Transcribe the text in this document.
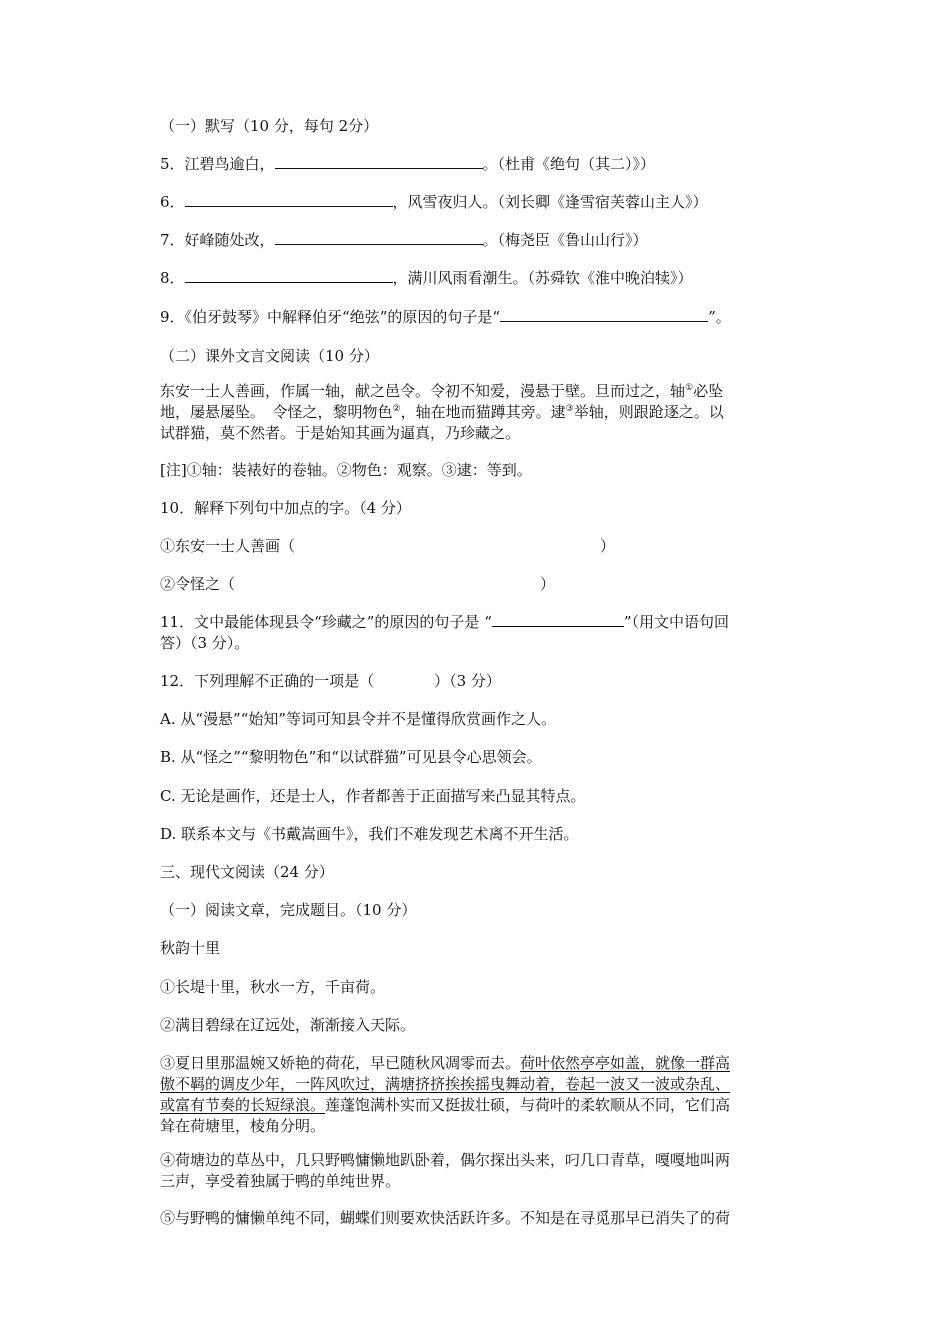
（一）默写（10 分，每句 2分）
5．江碧鸟逾白，	。（杜甫《绝句（其二）》）
6．	，风雪夜归人。（刘长卿《逢雪宿芙蓉山主人》）
7．好峰随处改，	。（梅尧臣《鲁山山行》）
8．	，满川风雨看潮生。（苏舜钦《淮中晚泊犊》）
9．《伯牙鼓琴》中解释伯牙“绝弦”的原因的句子是“	”。
（二）课外文言文阅读（10 分）
东安一士人善画，作属一轴，献之邑令。令初不知爱，漫悬于壁。旦而过之，轴①必坠
地，屡悬屡坠。　令怪之，黎明物色②，轴在地而猫蹲其旁。逮③举轴，则跟跄逐之。以
试群猫，莫不然者。于是始知其画为逼真，乃珍藏之。
[注]①轴：装裱好的卷轴。②物色：观察。③逮：等到。
10．解释下列句中加点的字。（4 分）
①东安一士人善画（	）
②令怪之（	）
11．文中最能体现县令“珍藏之”的原因的句子是 “	”（用文中语句回
答）（3 分）。
12．下列理解不正确的一项是（	）（3 分）
A. 从“漫悬”“始知”等词可知县令并不是懂得欣赏画作之人。
B. 从“怪之”“黎明物色”和“以试群猫”可见县令心思领会。
C. 无论是画作，还是士人，作者都善于正面描写来凸显其特点。
D. 联系本文与《书戴嵩画牛》，我们不难发现艺术离不开生活。
三、现代文阅读（24 分）
（一）阅读文章，完成题目。（10 分）
秋韵十里
①长堤十里，秋水一方，千亩荷。
②满目碧绿在辽远处，渐渐接入天际。
③夏日里那温婉又娇艳的荷花，早已随秋风凋零而去。荷叶依然亭亭如盖，就像一群高
傲不羁的调皮少年，一阵风吹过，满塘挤挤挨挨摇曳舞动着，卷起一波又一波或杂乱、
或富有节奏的长短绿浪。莲蓬饱满朴实而又挺拔壮硕，与荷叶的柔软顺从不同，它们高
耸在荷塘里，棱角分明。
④荷塘边的草丛中，几只野鸭慵懒地趴卧着，偶尔探出头来，叼几口青草，嘎嘎地叫两
三声，享受着独属于鸭的单纯世界。
⑤与野鸭的慵懒单纯不同，蝴蝶们则要欢快活跃许多。不知是在寻觅那早已消失了的荷
